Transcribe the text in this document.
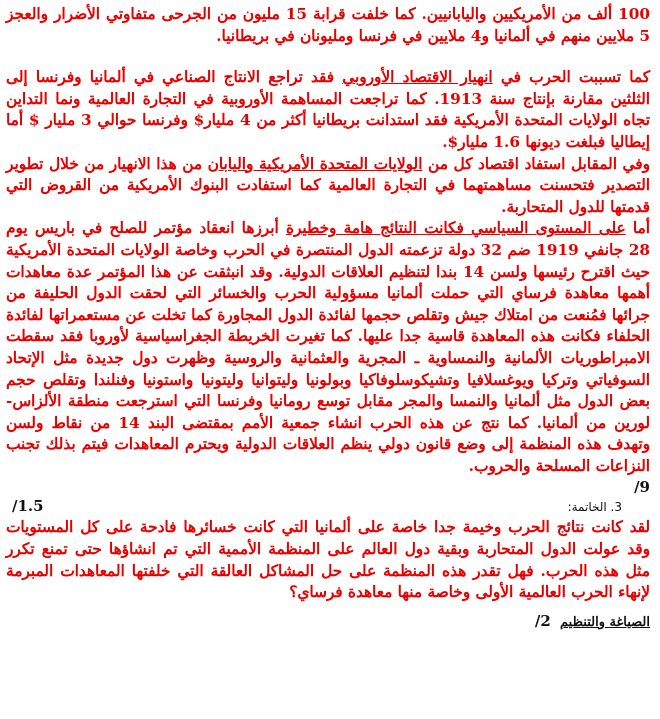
100 ألف من الأمريكيين واليابانيين. كما خلفت قرابة 15 مليون من الجرحى متفاوتي الأضرار والعجز 5 ملايين منهم في ألمانيا و4 ملايين في فرنسا ومليونان في بريطانيا.

كما تسببت الحرب في انهيار الاقتصاد الأوروبي فقد تراجع الانتاج الصناعي في ألمانيا وفرنسا إلى الثلثين مقارنة بإنتاج سنة 1913. كما تراجعت المساهمة الأوروبية في التجارة العالمية ونما التداين تجاه الولايات المتحدة الأمريكية فقد استدانت بريطانيا أكثر من 4 مليار$ وفرنسا حوالي 3 مليار $ أما إيطاليا فبلغت ديونها 1.6 مليار$.

وفي المقابل استفاد اقتصاد كل من الولايات المتحدة الأمريكية واليابان من هذا الانهيار من خلال تطوير التصدير فتحسنت مساهمتهما في التجارة العالمية كما استفادت البنوك الأمريكية من القروض التي قدمتها للدول المتحاربة.

أما على المستوى السياسي فكانت النتائج هامة وخطيرة أبرزها انعقاد مؤتمر للصلح في باريس يوم 28 جانفي 1919 ضم 32 دولة تزعمته الدول المنتصرة في الحرب وخاصة الولايات المتحدة الأمريكية حيث اقترح رئيسها ولسن 14 بندا لتنظيم العلاقات الدولية. وقد انبثقت عن هذا المؤتمر عدة معاهدات أهمها معاهدة فرساي التي حملت ألمانيا مسؤولية الحرب والخسائر التي لحقت الدول الحليفة من جرائها فمُنعت من امتلاك جيش وتقلص حجمها لفائدة الدول المجاورة كما تخلت عن مستعمراتها لفائدة الحلفاء فكانت هذه المعاهدة قاسية جدا عليها. كما تغيرت الخريطة الجغراسياسية لأوروبا فقد سقطت الامبراطوريات الألمانية والنمساوية ـ المجرية والعثمانية والروسية وظهرت دول جديدة مثل الإتحاد السوفياتي وتركيا ويوغسلافيا وتشيكوسلوفاكيا وبولونيا وليتوانيا وليتونيا واستونيا وفنلندا وتقلص حجم بعض الدول مثل ألمانيا والنمسا والمجر مقابل توسع رومانيا وفرنسا التي استرجعت منطقة الألزاس- لورين من ألمانيا. كما نتج عن هذه الحرب انشاء جمعية الأمم بمقتضى البند 14 من نقاط ولسن وتهدف هذه المنظمة إلى وضع قانون دولي ينظم العلاقات الدولية ويحترم المعاهدات فيتم بذلك تجنب النزاعات المسلحة والحروب.

/9

/1.5	3. الخاتمة:

لقد كانت نتائج الحرب وخيمة جدا خاصة على ألمانيا التي كانت خسائرها فادحة على كل المستويات وقد عولت الدول المتحاربة وبقية دول العالم على المنظمة الأممية التي تم انشاؤها حتى تمنع تكرر مثل هذه الحرب. فهل تقدر هذه المنظمة على حل المشاكل العالقة التي خلفتها المعاهدات المبرمة لإنهاء الحرب العالمية الأولى وخاصة منها معاهدة فرساي؟

/2 الصياغة والتنظيم
